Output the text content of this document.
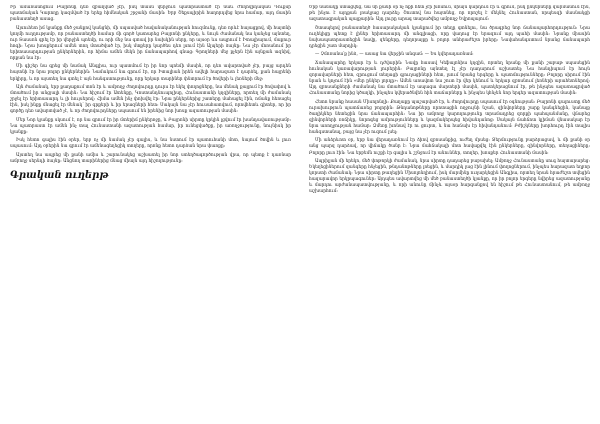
Իր ամառանոցում Բայրոնը դեռ զբաղված չէր, իսկ տասն վերջում պատրաստած էր նաև Ժողովրդական Դուքսի պատմական Կարողը կազմված էր երեք հիմնական շրջանի մասին։ Երբ Շեքսպիրին հաղորդվեց նրա համար, այդ մասին բանաստեղծ ասաց.

Այսուհետ իմ կյանքը մեծ ջանքով կանցնի, մի սպասված հավանականության հուզմունք, դեռ որևէ հայացքով, մի հայտնի կողմի ուղղությամբ, որ բանաստեղծի համար մի գործ կատարեց Բայրոնի ընկերը, և նույն ժամանակ նա կանչեց այնտեղ, ուր Տասսոն գրել էր իր վերջին պոեմը, ու որի մեջ նա գտավ իր նախկին սերը, որ այսօր ևս ապրում է Իտալիայում, մաքուր հոգի։ Նրա խոսքերում ամեն տող մտածված էր, իսկ մտքերը կարծես դեռ լսում էին Ալպերի ձայնը։ Նա չէր մոռանում իր երիտասարդության ընկերներին, որ հիմա ամեն մեկն իր ճանապարհով գնաց։ Գրողների մեջ քչերն էին այնքան ազնիվ, որքան նա էր։

Մի գիշեր նա գրեց մի նամակ Անգլիա, ուր պատմում էր իր նոր պոեմի մասին, որ դեռ ավարտված չէր, բայց արդեն հայտնի էր նրա բոլոր ընկերներին։ Նամակում նա գրում էր, որ Իտալիան իրեն ավելի հարազատ է դարձել, քան հայրենի երկիրը, և որ այստեղ նա գտել է այն հանգստությունը, որը երկար տարիներ փնտրում էր ծովերի և լեռների մեջ։

Այն ժամանակ, երբ քաղաքում տոն էր և ամբողջ ժողովուրդը դուրս էր եկել փողոցները, նա մենակ քայլում էր ծովափով և մտածում իր անցյալի մասին։ Նա հիշում էր Ատենքը, Կոստանդնուպոլիսը, Հունաստանի կղզիները, որտեղ մի ժամանակ շրջել էր երիտասարդ և լի հույսերով։ Հիմա ամեն ինչ փոխվել էր։ Նրա ընկերներից շատերը մահացել էին, ոմանք հեռացել էին, իսկ ինքը մնացել էր մենակ՝ իր գրքերի և իր երազների հետ։ Սակայն նա չէր հուսահատվում, որովհետև գիտեր, որ իր գործը դեռ ավարտված չէ, և որ ժողովուրդները սպասում են իրենից նոր խոսք ազատության մասին։

Մեր Նոր կյանքը սկսում է, որ նա գրում էր իր մտերիմ ընկերոջը, և Բայրոնի սիրտը կրկին լցվում էր խանդավառությամբ։ Նա պատրաստ էր ամեն ինչ տալ Հունաստանի ազատության համար, իր ունեցվածքը, իր առողջությունը, նույնիսկ իր կյանքը։

Իսկ հետո գալիս էին օրեր, երբ ոչ մի նամակ չէր գալիս, և նա նստում էր պատուհանի մոտ, նայում ծովին և լուռ սպասում։ Այդ օրերին նա գրում էր ամենագեղեցիկ տողերը, որոնք հետո դարձան նրա փառքը։

Այստեղ նա ապրեց մի քանի ամիս և շարունակեց աշխատել իր նոր ստեղծագործության վրա, որ պետք է դառնար ամբողջ սերնդի ձայնը։ Անցնող տարիներից մնաց միայն այդ հիշողությունը։

Գրական ուղերթ

Երբ նամակը ստացվեց, նա մի քանի օր ոչ ոքի հետ չէր խոսում, միայն կարդում էր և գրում, իսկ ընկերները զարմանում էին, թե ինչու է այդքան լռակյաց դարձել։ Շուտով նա հայտնեց, որ որոշել է մեկնել Հունաստան, որպեսզի մասնակցի ազատագրական պայքարին։ Այդ լուրը արագ տարածվեց ամբողջ Եվրոպայում։

Շտապելով բանաստեղծ հասարակական կյանքում իր տեղը գտնելու, նա ծրագրեց նոր ճանապարհորդություն։ Նրա ուղեկիցը պետք է լիներ երիտասարդ մի անգլիացի, որը վաղուց էր երազում այդ պահի մասին։ Նրանք միասին նախապատրաստեցին նավը, զենքերը, դեղորայքը և բոլոր անհրաժեշտ իրերը։ Նավահանգստում նրանց ճանապարհ դրեցին շատ մարդիկ։

— Չմոռանա՛ք ինձ, — ասաց նա վերջին անգամ։ — Ես կվերադառնամ։

Ճանապարհը երկար էր և դժվարին։ Նավը հասավ Կեֆալոնիա կղզին, որտեղ նրանք մի քանի շաբաթ սպասեցին հունական կառավարության լուրերին։ Բայրոնը այնտեղ էլ չէր դադարում աշխատել։ Նա հանդիպում էր հույն զորավարների հետ, զրուցում տեղացի գյուղացիների հետ, լսում նրանց երգերը և պատմությունները։ Բոլորը սիրում էին նրան և կոչում էին «մեր ընկեր լորդը»։ Ամեն առավոտ նա շուտ էր վեր կենում և երկար զբոսնում լեռների արահետներով։ Այդ զբոսանքների ժամանակ նա մտածում էր ապագա մարտերի մասին, պատկերացնում էր, թե ինչպես ազատագրված Հունաստանը նորից կծաղկի, ինչպես կվերածնվեն հին տաճարները և ինչպես կհնչեն նոր երգեր ազատության մասին։

Հետո նրանք հասան Միսոլոնղի։ Քաղաքը պաշարված էր, և ժողովուրդը սպասում էր օգնության։ Բայրոնի գալուստը մեծ ուրախություն պատճառեց բոլորին։ Թնդանոթները որոտացին ողջույնի նշան, զինվորները շարք կանգնեցին, կանայք ծաղիկներ նետեցին նրա ճանապարհին։ Նա իր ամբողջ կարողությունը տրամադրեց զորքի պահպանմանը, վճարեց զինվորների ռոճիկը, նորոգեց ամրությունները և կազմակերպեց հիվանդանոց։ Սակայն ճահճոտ կլիման վնասակար էր նրա առողջության համար։ Ձմեռը խոնավ էր ու ցուրտ, և նա հաճախ էր հիվանդանում։ Բժիշկները խորհուրդ էին տալիս հանգստանալ, բայց նա չէր ուզում լսել։

Մի անձրևոտ օր, երբ նա վերադառնում էր ձիով զբոսանքից, ուժեղ մրսեց։ Ջերմությունը բարձրացավ, և մի քանի օր անց պարզ դարձավ, որ վիճակը ծանր է։ Նրա մահճակալի մոտ հավաքվել էին ընկերները, զինվորները, տեղացիները։ Բոլորը լուռ էին։ Նա երբեմն ուշքի էր գալիս և շշնջում էր անուններ, տողեր, խոսքեր Հունաստանի մասին։

Ապրիլյան մի երեկո, մեծ փոթորկի ժամանակ, նրա սիրտը դադարեց բաբախել։ Ամբողջ Հունաստանը սուգ հայտարարեց։ Եկեղեցիներում զանգերը հնչեցին, թնդանոթները լռեցին, և մարդիկ լաց էին լինում փողոցներում, ինչպես հարազատ եղբոր կորստի ժամանակ։ Նրա սիրտը թաղեցին Միսոլոնղիում, իսկ մարմինը ուղարկեցին Անգլիա, որտեղ նրան հրաժեշտ տվեցին հազարավոր երկրպագուներ։ Այդպես ավարտվեց մի մեծ բանաստեղծի կյանքը, որ իր բոլոր երգերը նվիրեց ազատությանը և մարդու արժանապատվությանը, և որի անունը մինչև այսօր հարգանքով են հիշում թե Հունաստանում, թե ամբողջ աշխարհում։
